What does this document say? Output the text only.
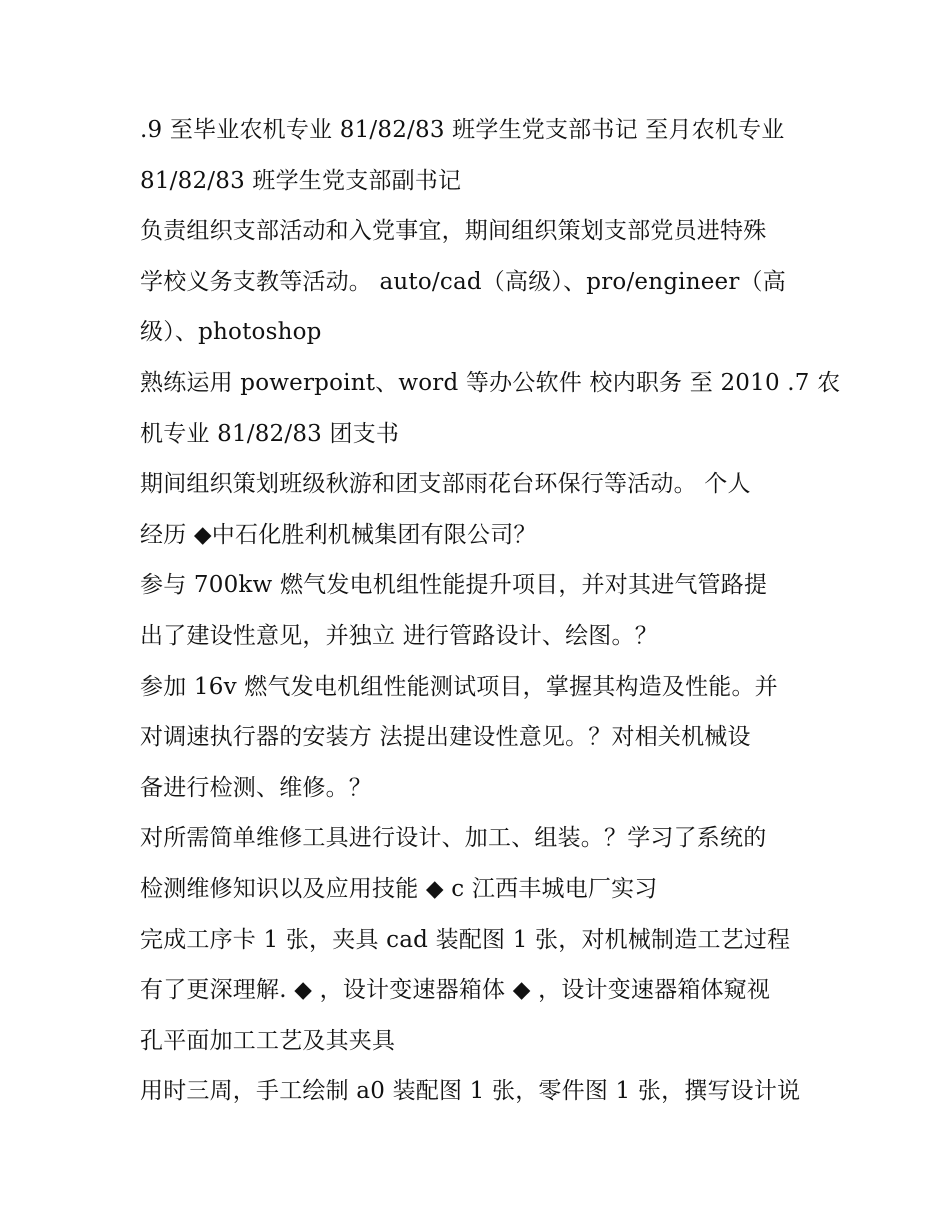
.9 至毕业农机专业 81/82/83 班学生党支部书记 至月农机专业

81/82/83 班学生党支部副书记

负责组织支部活动和入党事宜，期间组织策划支部党员进特殊

学校义务支教等活动。 auto/cad（高级）、pro/engineer（高

级）、photoshop

熟练运用 powerpoint、word 等办公软件 校内职务 至 2010 .7 农

机专业 81/82/83 团支书

期间组织策划班级秋游和团支部雨花台环保行等活动。 个人

经历 ◆中石化胜利机械集团有限公司？

参与 700kw 燃气发电机组性能提升项目，并对其进气管路提

出了建设性意见，并独立 进行管路设计、绘图。？

参加 16v 燃气发电机组性能测试项目，掌握其构造及性能。并

对调速执行器的安装方 法提出建设性意见。？对相关机械设

备进行检测、维修。？

对所需简单维修工具进行设计、加工、组装。？学习了系统的

检测维修知识以及应用技能 ◆ c 江西丰城电厂实习

完成工序卡 1 张，夹具 cad 装配图 1 张，对机械制造工艺过程

有了更深理解. ◆ ，设计变速器箱体 ◆ ，设计变速器箱体窥视

孔平面加工工艺及其夹具

用时三周，手工绘制 a0 装配图 1 张，零件图 1 张，撰写设计说
